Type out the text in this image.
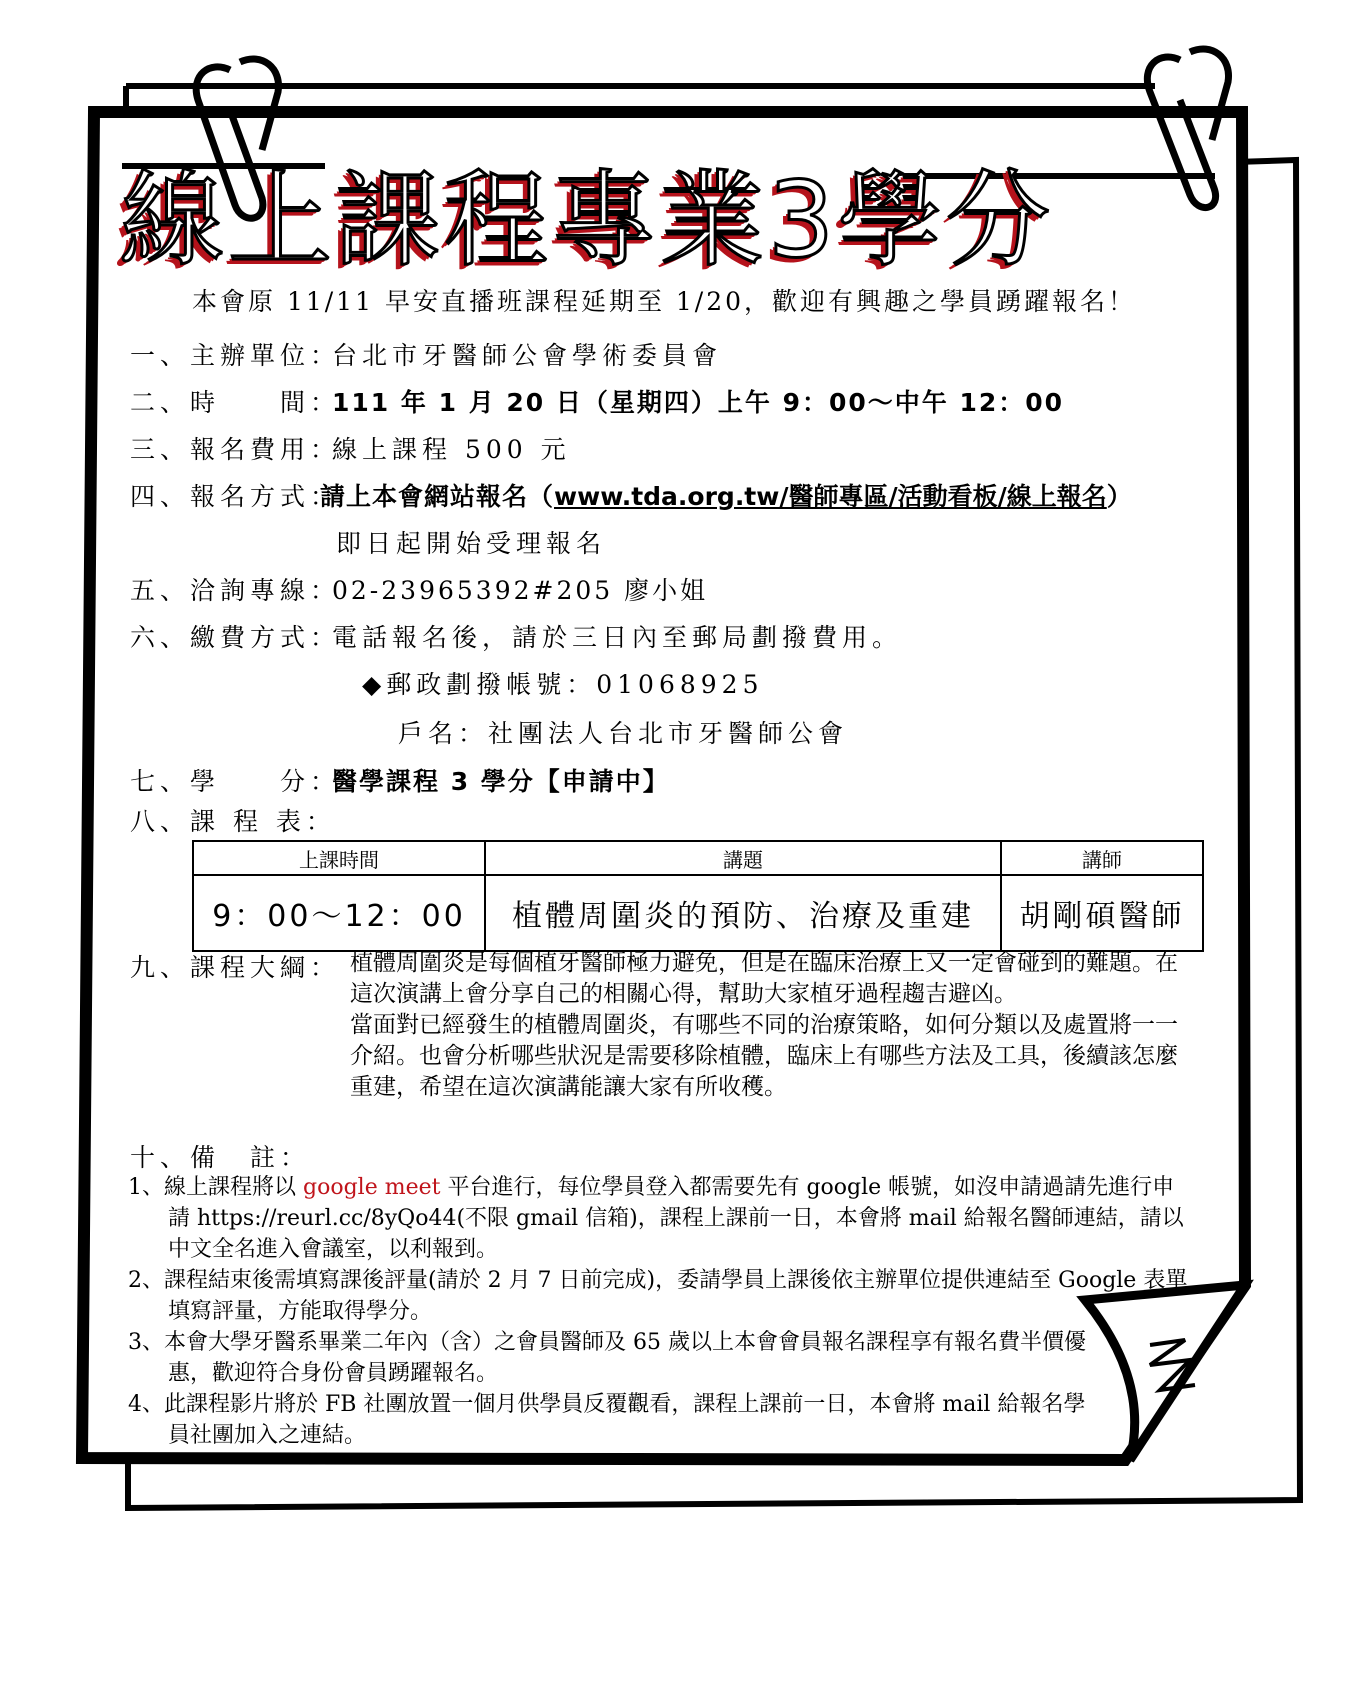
線上課程專業3學分
本會原 11/11 早安直播班課程延期至 1/20，歡迎有興趣之學員踴躍報名！
一、主辦單位：台北市牙醫師公會學術委員會
二、時　　間：111 年 1 月 20 日（星期四）上午 9：00～中午 12：00
三、報名費用：線上課程 500 元
四、報名方式：請上本會網站報名（www.tda.org.tw/醫師專區/活動看板/線上報名）
即日起開始受理報名
五、洽詢專線：02-23965392#205 廖小姐
六、繳費方式：電話報名後，請於三日內至郵局劃撥費用。
◆郵政劃撥帳號：01068925
戶名：社團法人台北市牙醫師公會
七、學　　分：醫學課程 3 學分【申請中】
八、課 程 表：
上課時間	講題	講師
9：00～12：00	植體周圍炎的預防、治療及重建	胡剛碩醫師
九、課程大綱： 植體周圍炎是每個植牙醫師極力避免，但是在臨床治療上又一定會碰到的難題。在這次演講上會分享自己的相關心得，幫助大家植牙過程趨吉避凶。

當面對已經發生的植體周圍炎，有哪些不同的治療策略，如何分類以及處置將一一介紹。也會分析哪些狀況是需要移除植體，臨床上有哪些方法及工具，後續該怎麼重建，希望在這次演講能讓大家有所收穫。

十、備　註：
1、線上課程將以 google meet 平台進行，每位學員登入都需要先有 google 帳號，如沒申請過請先進行申請 https://reurl.cc/8yQo44(不限 gmail 信箱)，課程上課前一日，本會將 mail 給報名醫師連結，請以中文全名進入會議室，以利報到。
2、課程結束後需填寫課後評量(請於 2 月 7 日前完成)，委請學員上課後依主辦單位提供連結至 Google 表單填寫評量，方能取得學分。
3、本會大學牙醫系畢業二年內（含）之會員醫師及 65 歲以上本會會員報名課程享有報名費半價優惠，歡迎符合身份會員踴躍報名。
4、此課程影片將於 FB 社團放置一個月供學員反覆觀看，課程上課前一日，本會將 mail 給報名學員社團加入之連結。
